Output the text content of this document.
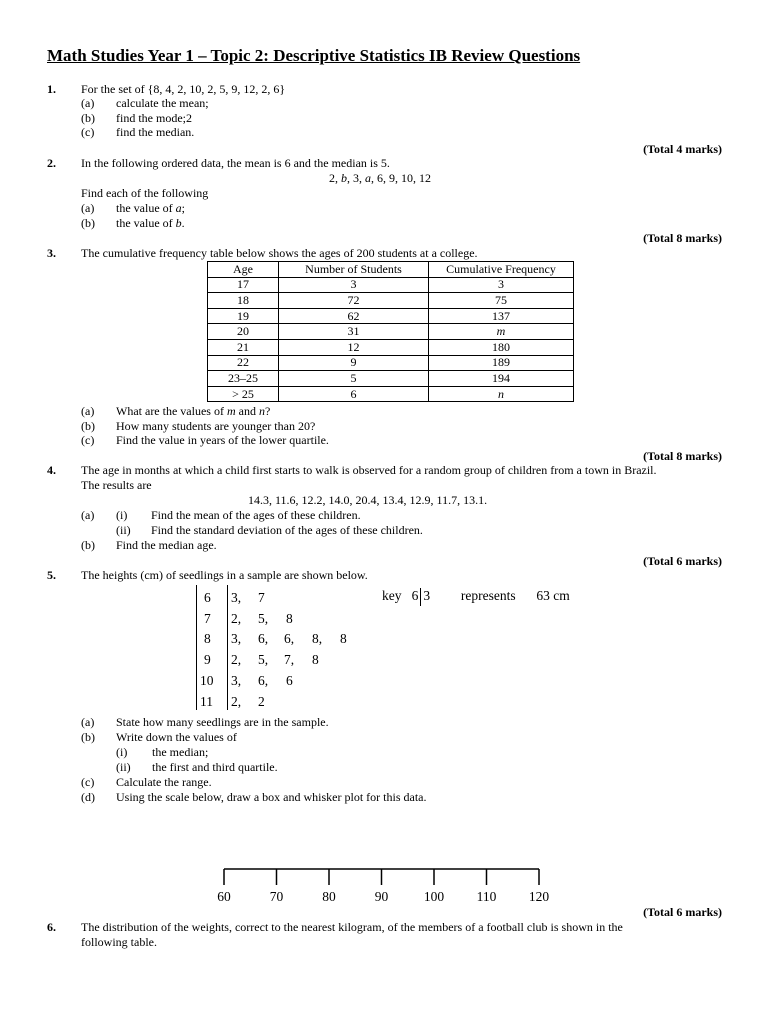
Math Studies Year 1 – Topic 2: Descriptive Statistics IB Review Questions
1. For the set of {8, 4, 2, 10, 2, 5, 9, 12, 2, 6}
(a) calculate the mean;
(b) find the mode;2
(c) find the median.
(Total 4 marks)
2. In the following ordered data, the mean is 6 and the median is 5.
2, b, 3, a, 6, 9, 10, 12
Find each of the following
(a) the value of a;
(b) the value of b.
(Total 8 marks)
3. The cumulative frequency table below shows the ages of 200 students at a college.
Age	Number of Students	Cumulative Frequency
17	3	3
18	72	75
19	62	137
20	31	m
21	12	180
22	9	189
23–25	5	194
> 25	6	n
(a) What are the values of m and n?
(b) How many students are younger than 20?
(c) Find the value in years of the lower quartile.
(Total 8 marks)
4. The age in months at which a child first starts to walk is observed for a random group of children from a town in Brazil.
The results are
14.3, 11.6, 12.2, 14.0, 20.4, 13.4, 12.9, 11.7, 13.1.
(a) (i) Find the mean of the ages of these children.
(ii) Find the standard deviation of the ages of these children.
(b) Find the median age.
(Total 6 marks)
5. The heights (cm) of seedlings in a sample are shown below.
6 3, 7
7 2, 5, 8
8 3, 6, 6, 8, 8
9 2, 5, 7, 8
10 3, 6, 6
11 2, 2
key 6 3 represents 63 cm
(a) State how many seedlings are in the sample.
(b) Write down the values of
(i) the median;
(ii) the first and third quartile.
(c) Calculate the range.
(d) Using the scale below, draw a box and whisker plot for this data.
60	70	80	90	100 110 120
(Total 6 marks)
6. The distribution of the weights, correct to the nearest kilogram, of the members of a football club is shown in the
following table.
